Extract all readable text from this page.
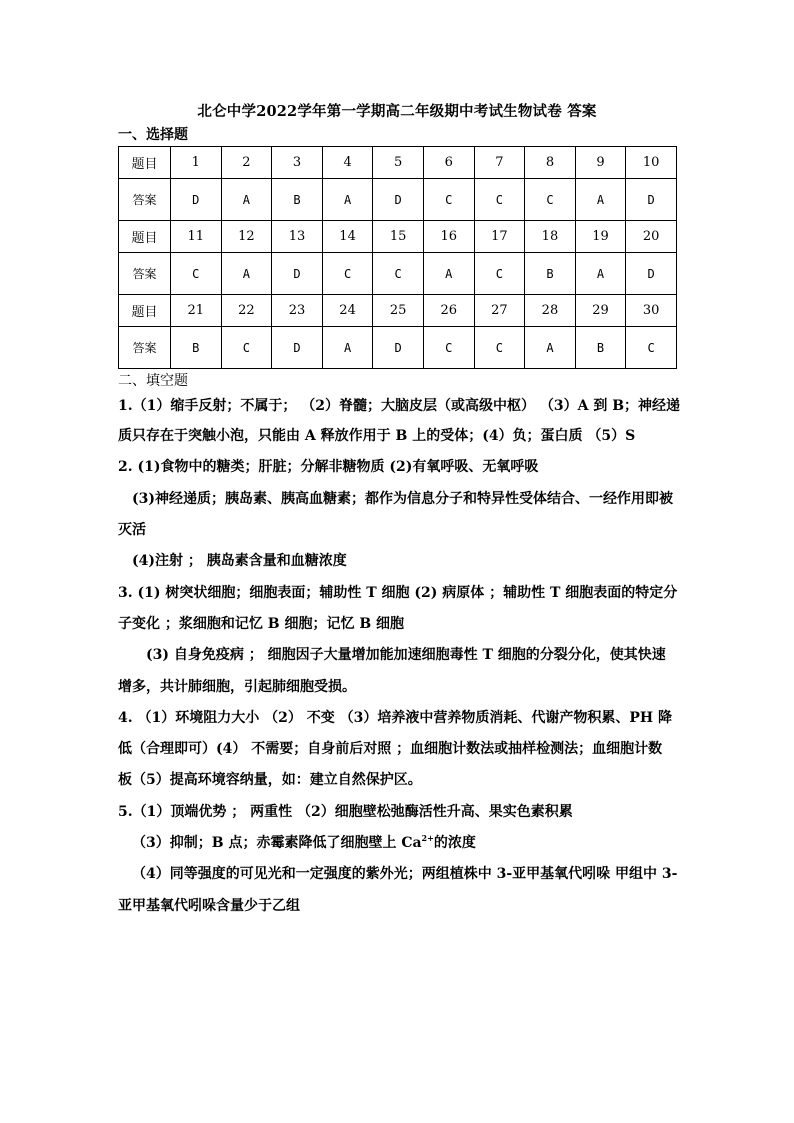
北仑中学2022学年第一学期高二年级期中考试生物试卷 答案
一、选择题
题目	1	2	3	4	5	6	7	8	9	10
答案	D	A	B	A	D	C	C	C	A	D
题目	11	12	13	14	15	16	17	18	19	20
答案	C	A	D	C	C	A	C	B	A	D
题目	21	22	23	24	25	26	27	28	29	30
答案	B	C	D	A	D	C	C	A	B	C
二、填空题
1.（1）缩手反射；不属于； （2）脊髓；大脑皮层（或高级中枢） （3）A 到 B；神经递
质只存在于突触小泡，只能由 A 释放作用于 B 上的受体；(4）负；蛋白质 （5）S
2. (1)食物中的糖类；肝脏；分解非糖物质 (2)有氧呼吸、无氧呼吸
(3)神经递质；胰岛素、胰高血糖素；都作为信息分子和特异性受体结合、一经作用即被
灭活
(4)注射 ； 胰岛素含量和血糖浓度
3. (1) 树突状细胞；细胞表面；辅助性 T 细胞 (2) 病原体 ；辅助性 T 细胞表面的特定分
子变化 ；浆细胞和记忆 B 细胞；记忆 B 细胞
(3) 自身免疫病 ； 细胞因子大量增加能加速细胞毒性 T 细胞的分裂分化，使其快速
增多，共计肺细胞，引起肺细胞受损。
4. （1）环境阻力大小 （2） 不变 （3）培养液中营养物质消耗、代谢产物积累、PH 降
低（合理即可）(4） 不需要；自身前后对照 ；血细胞计数法或抽样检测法；血细胞计数
板（5）提高环境容纳量，如：建立自然保护区。
5.（1）顶端优势 ； 两重性 （2）细胞壁松弛酶活性升高、果实色素积累
（3）抑制；B 点；赤霉素降低了细胞壁上 $Ca^{2+}$的浓度
（4）同等强度的可见光和一定强度的紫外光；两组植株中 3-亚甲基氧代吲哚 甲组中 3-
亚甲基氧代吲哚含量少于乙组
